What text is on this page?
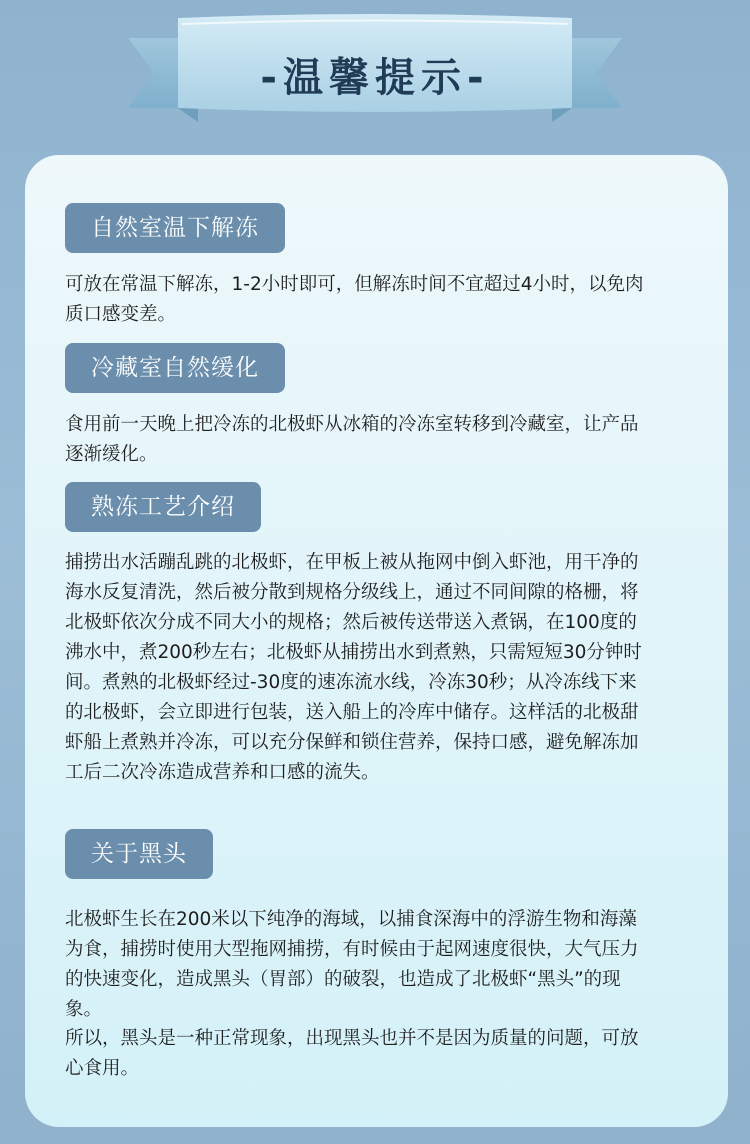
-温馨提示-
自然室温下解冻

可放在常温下解冻，1-2小时即可，但解冻时间不宜超过4小时，以免肉质口感变差。

冷藏室自然缓化

食用前一天晚上把冷冻的北极虾从冰箱的冷冻室转移到冷藏室，让产品逐渐缓化。

熟冻工艺介绍

捕捞出水活蹦乱跳的北极虾，在甲板上被从拖网中倒入虾池，用干净的海水反复清洗，然后被分散到规格分级线上，通过不同间隙的格栅，将北极虾依次分成不同大小的规格；然后被传送带送入煮锅，在100度的沸水中，煮200秒左右；北极虾从捕捞出水到煮熟，只需短短30分钟时间。煮熟的北极虾经过-30度的速冻流水线，冷冻30秒；从冷冻线下来的北极虾，会立即进行包装，送入船上的冷库中储存。这样活的北极甜虾船上煮熟并冷冻，可以充分保鲜和锁住营养，保持口感，避免解冻加工后二次冷冻造成营养和口感的流失。

关于黑头

北极虾生长在200米以下纯净的海域，以捕食深海中的浮游生物和海藻为食，捕捞时使用大型拖网捕捞，有时候由于起网速度很快，大气压力的快速变化，造成黑头（胃部）的破裂，也造成了北极虾“黑头”的现象。

所以，黑头是一种正常现象，出现黑头也并不是因为质量的问题，可放心食用。
